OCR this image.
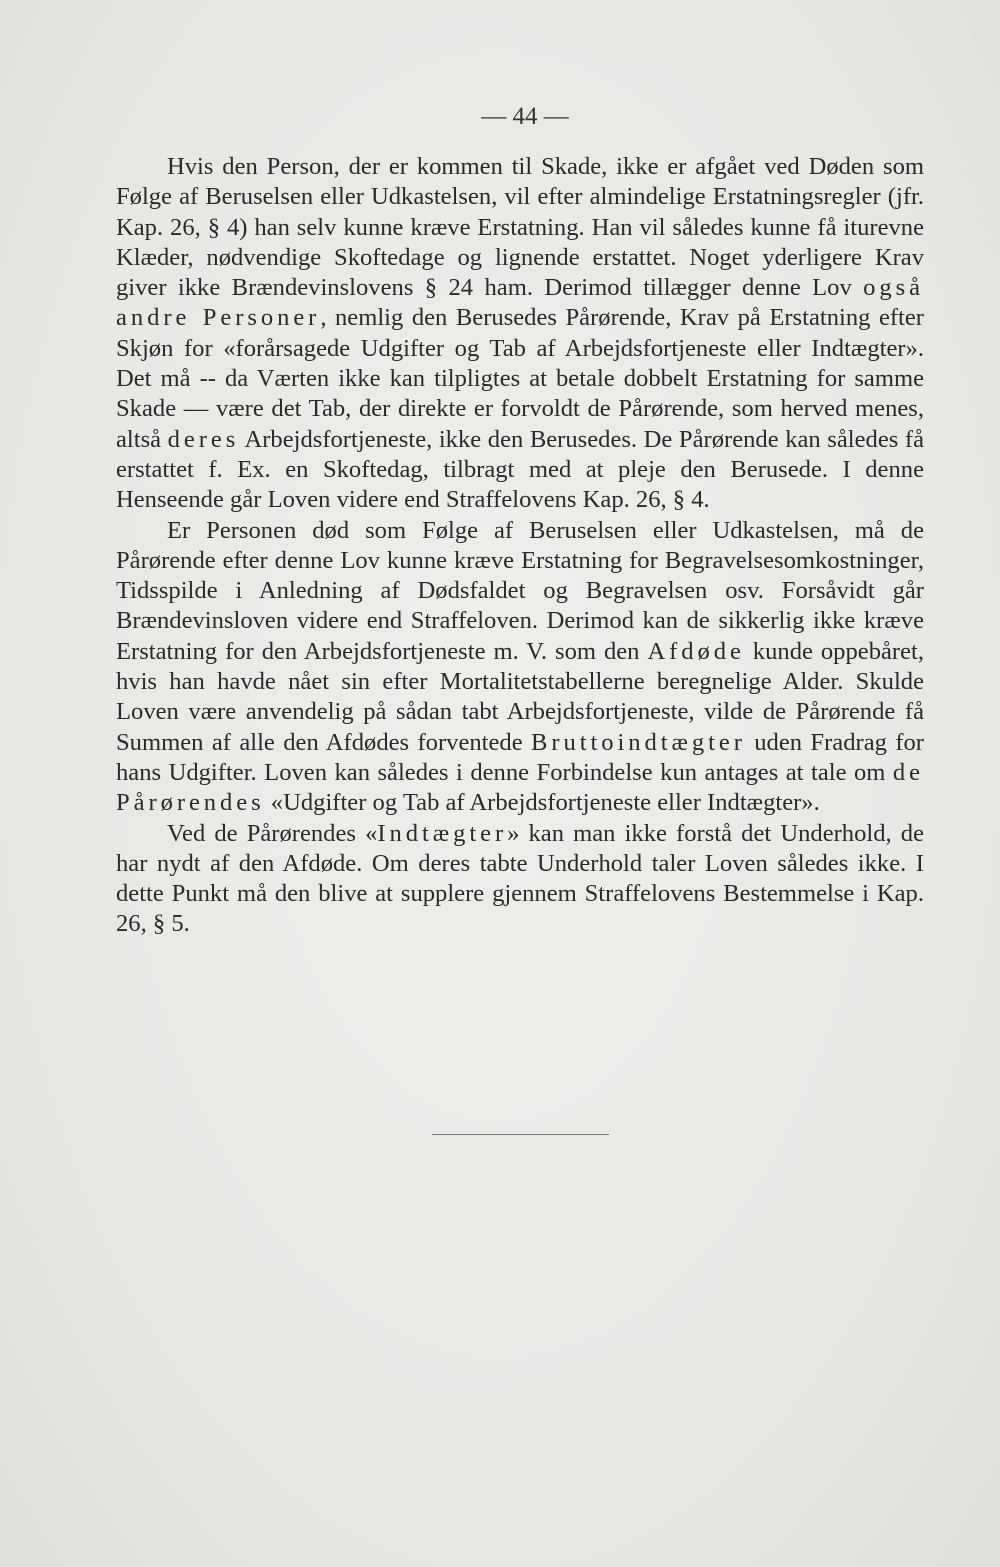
— 44 —

Hvis den Person, der er kommen til Skade, ikke er afgået ved Døden som Følge af Beruselsen eller Udkastelsen, vil efter almindelige Erstatningsregler (jfr. Kap. 26, § 4) han selv kunne kræve Erstatning. Han vil således kunne få iturevne Klæder, nødvendige Skoftedage og lignende erstattet. Noget yderligere Krav giver ikke Brændevinslovens § 24 ham. Derimod tillægger denne Lov også andre Personer, nemlig den Berusedes Pårørende, Krav på Erstatning efter Skjøn for «forårsagede Udgifter og Tab af Arbejdsfortjeneste eller Indtægter». Det må -- da Værten ikke kan tilpligtes at betale dobbelt Erstatning for samme Skade — være det Tab, der direkte er forvoldt de Pårørende, som herved menes, altså deres Arbejdsfortjeneste, ikke den Berusedes. De Pårørende kan således få erstattet f. Ex. en Skoftedag, tilbragt med at pleje den Berusede. I denne Henseende går Loven videre end Straffelovens Kap. 26, § 4.

Er Personen død som Følge af Beruselsen eller Udkastelsen, må de Pårørende efter denne Lov kunne kræve Erstatning for Begravelsesomkostninger, Tidsspilde i Anledning af Dødsfaldet og Begravelsen osv. Forsåvidt går Brændevinsloven videre end Straffeloven. Derimod kan de sikkerlig ikke kræve Erstatning for den Arbejdsfortjeneste m. V. som den Afdøde kunde oppebåret, hvis han havde nået sin efter Mortalitetstabellerne beregnelige Alder. Skulde Loven være anvendelig på sådan tabt Arbejdsfortjeneste, vilde de Pårørende få Summen af alle den Afdødes forventede Bruttoindtægter uden Fradrag for hans Udgifter. Loven kan således i denne Forbindelse kun antages at tale om de Pårørendes «Udgifter og Tab af Arbejdsfortjeneste eller Indtægter».

Ved de Pårørendes «Indtægter» kan man ikke forstå det Underhold, de har nydt af den Afdøde. Om deres tabte Underhold taler Loven således ikke. I dette Punkt må den blive at supplere gjennem Straffelovens Bestemmelse i Kap. 26, § 5.
